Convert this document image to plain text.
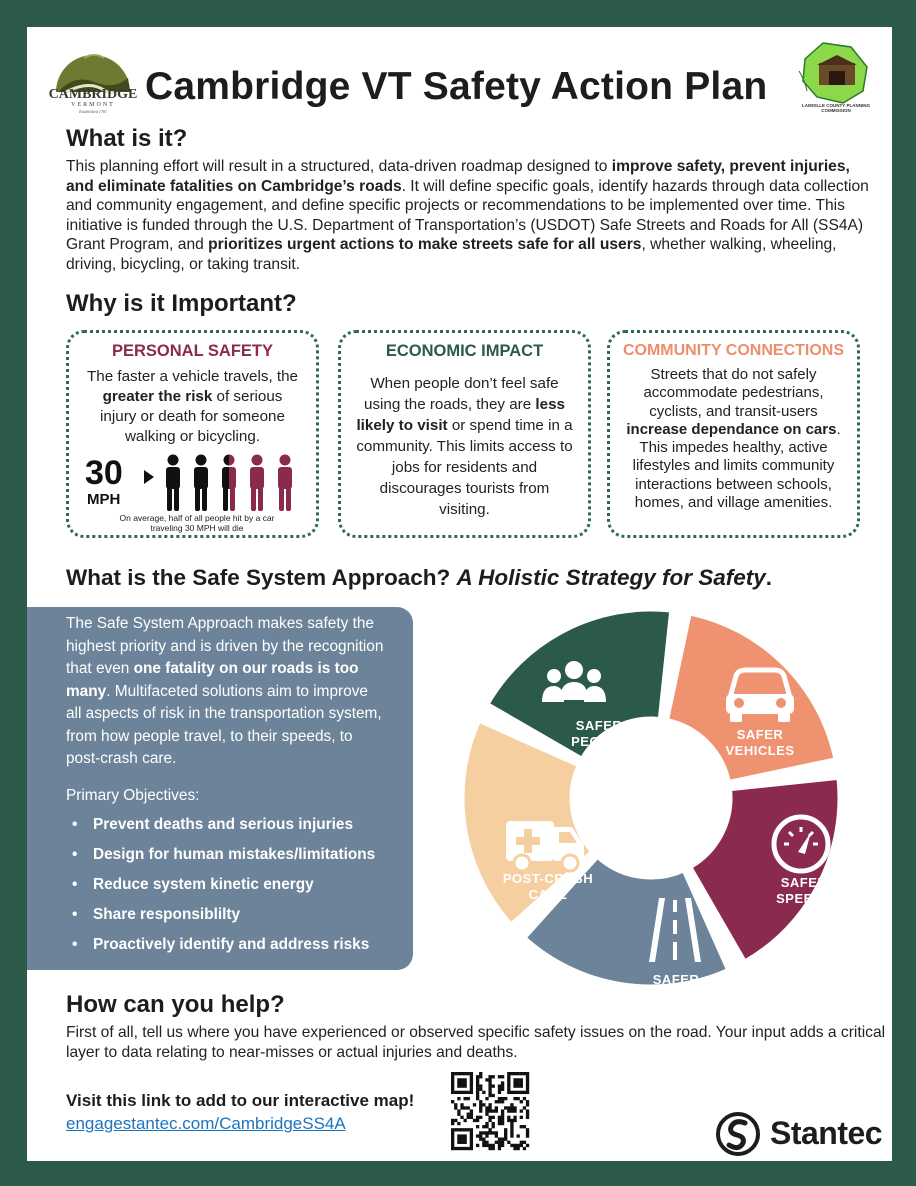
CAMBRIDGE
VERMONT
Established 1781
Cambridge VT Safety Action Plan	LAMOILLE COUNTY PLANNING COMMISSION
What is it?

This planning effort will result in a structured, data-driven roadmap designed to improve safety, prevent injuries, and eliminate fatalities on Cambridge’s roads. It will define specific goals, identify hazards through data collection and community engagement, and define specific projects or recommendations to be implemented over time. This initiative is funded through the U.S. Department of Transportation’s (USDOT) Safe Streets and Roads for All (SS4A) Grant Program, and prioritizes urgent actions to make streets safe for all users, whether walking, wheeling, driving, bicycling, or taking transit.

Why is it Important?
PERSONAL SAFETY
The faster a vehicle travels, the greater the risk of serious injury or death for someone walking or bicycling.
30
MPH
On average, half of all people hit by a car traveling 30 MPH will die
ECONOMIC IMPACT
When people don’t feel safe using the roads, they are less likely to visit or spend time in a community. This limits access to jobs for residents and discourages tourists from visiting.
COMMUNITY CONNECTIONS
Streets that do not safely accommodate pedestrians, cyclists, and transit-users increase dependance on cars. This impedes healthy, active lifestyles and limits community interactions between schools, homes, and village amenities.
What is the Safe System Approach? A Holistic Strategy for Safety.

The Safe System Approach makes safety the highest priority and is driven by the recognition that even one fatality on our roads is too many. Multifaceted solutions aim to improve all aspects of risk in the transportation system, from how people travel, to their speeds, to post-crash care.

Primary Objectives:

• Prevent deaths and serious injuries
• Design for human mistakes/limitations
• Reduce system kinetic energy
• Share responsiblilty
• Proactively identify and address risks
SAFER
PEOPLE	SAFER
VEHICLES
SAFER
SPEEDS
SAFER
ROADS
POST-CRASH
CARE
How can you help?

First of all, tell us where you have experienced or observed specific safety issues on the road. Your input adds a critical layer to data relating to near-misses or actual injuries and deaths.

Visit this link to add to our interactive map!

engagestantec.com/CambridgeSS4A	Stantec
